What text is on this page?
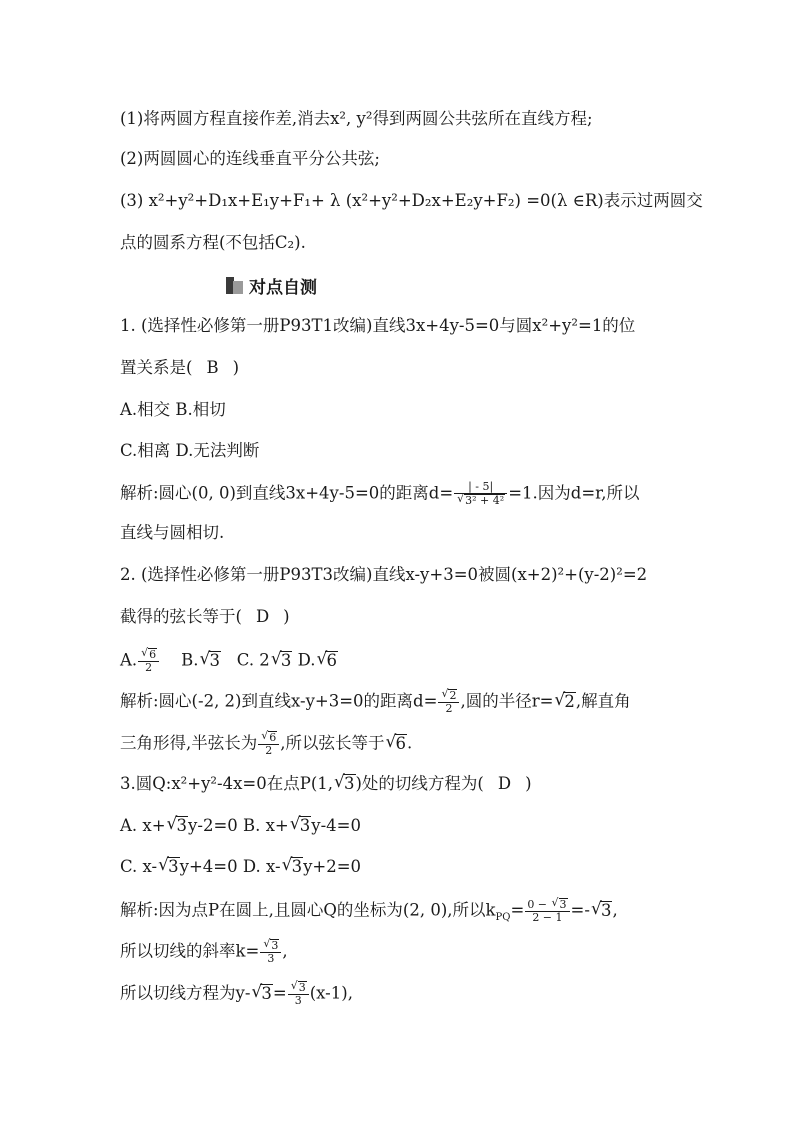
(1)将两圆方程直接作差,消去x², y²得到两圆公共弦所在直线方程;
(2)两圆圆心的连线垂直平分公共弦;
(3) x²+y²+D₁x+E₁y+F₁+ λ (x²+y²+D₂x+E₂y+F₂) =0(λ ∈R)表示过两圆交
点的圆系方程(不包括C₂).
1. (选择性必修第一册P93T1改编)直线3x+4y-5=0与圆x²+y²=1的位
置关系是( B )
A.相交 B.相切
C.相离 D.无法判断
解析:圆心(0, 0)到直线3x+4y-5=0的距离d= | - 5|
√ 3² + 4² =1.因为d=r,所以
直线与圆相切.
对点自测
2. (选择性必修第一册P93T3改编)直线x-y+3=0被圆(x+2)²+(y-2)²=2
截得的弦长等于( D )
A.
√ $\frac{6}{2} B.√$ 3 C. 2√ 3 D.√ 6
解析:圆心(-2, 2)到直线x-y+3=0的距离d=
√ $\frac{2}{2}$ ,圆的半径r=√ 2,解直角
三角形得,半弦长为
√ $\frac{6}{2}$ ,所以弦长等于√ 6.
3.圆Q:x²+y²-4x=0在点P(1,√ 3)处的切线方程为( D )
A. x+√ 3y-2=0 B. x+√ 3y-4=0
C. x-√ 3y+4=0 D. x-√ 3y+2=0
解析:因为点P在圆上,且圆心Q的坐标为(2, 0),所以$k_{PQ}= \frac{0 - √ 3}{2 - 1}$ =-√ 3,
所以切线的斜率k=
√ $\frac{3}{3}$ ,
所以切线方程为y-√ 3=
√ $\frac{3}{3} (x-1)$,
